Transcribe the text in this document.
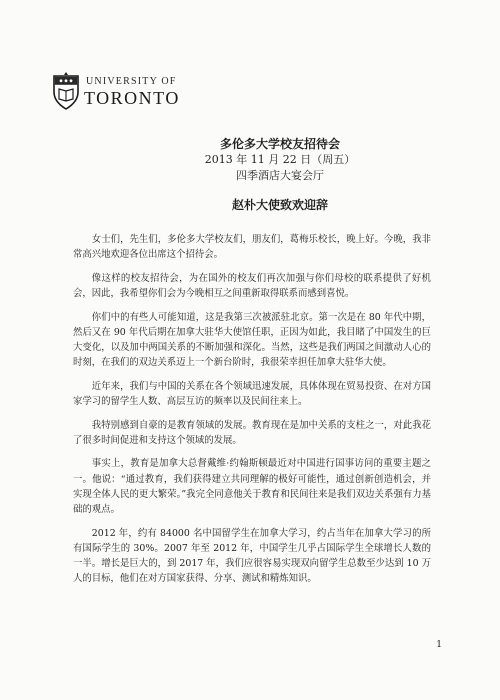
UNIVERSITY OF
TORONTO
多伦多大学校友招待会
2013 年 11 月 22 日（周五）
四季酒店大宴会厅
赵朴大使致欢迎辞

女士们，先生们，多伦多大学校友们，朋友们，葛梅乐校长，晚上好。今晚，我非常高兴地欢迎各位出席这个招待会。

像这样的校友招待会，为在国外的校友们再次加强与你们母校的联系提供了好机会，因此，我希望你们会为今晚相互之间重新取得联系而感到喜悦。

你们中的有些人可能知道，这是我第三次被派驻北京。第一次是在 80 年代中期，然后又在 90 年代后期在加拿大驻华大使馆任职，正因为如此，我目睹了中国发生的巨大变化，以及加中两国关系的不断加强和深化。当然，这些是我们两国之间激动人心的时刻，在我们的双边关系迈上一个新台阶时，我很荣幸担任加拿大驻华大使。

近年来，我们与中国的关系在各个领域迅速发展，具体体现在贸易投资、在对方国家学习的留学生人数、高层互访的频率以及民间往来上。

我特别感到自豪的是教育领域的发展。教育现在是加中关系的支柱之一，对此我花了很多时间促进和支持这个领域的发展。

事实上，教育是加拿大总督戴维·约翰斯顿最近对中国进行国事访问的重要主题之一。他说：“通过教育，我们获得建立共同理解的极好可能性，通过创新创造机会，并实现全体人民的更大繁荣。”我完全同意他关于教育和民间往来是我们双边关系强有力基础的观点。

2012 年，约有 84000 名中国留学生在加拿大学习，约占当年在加拿大学习的所有国际学生的 30%。2007 年至 2012 年，中国学生几乎占国际学生全球增长人数的一半。增长是巨大的，到 2017 年，我们应很容易实现双向留学生总数至少达到 10 万人的目标，他们在对方国家获得、分享、测试和精炼知识。

1
